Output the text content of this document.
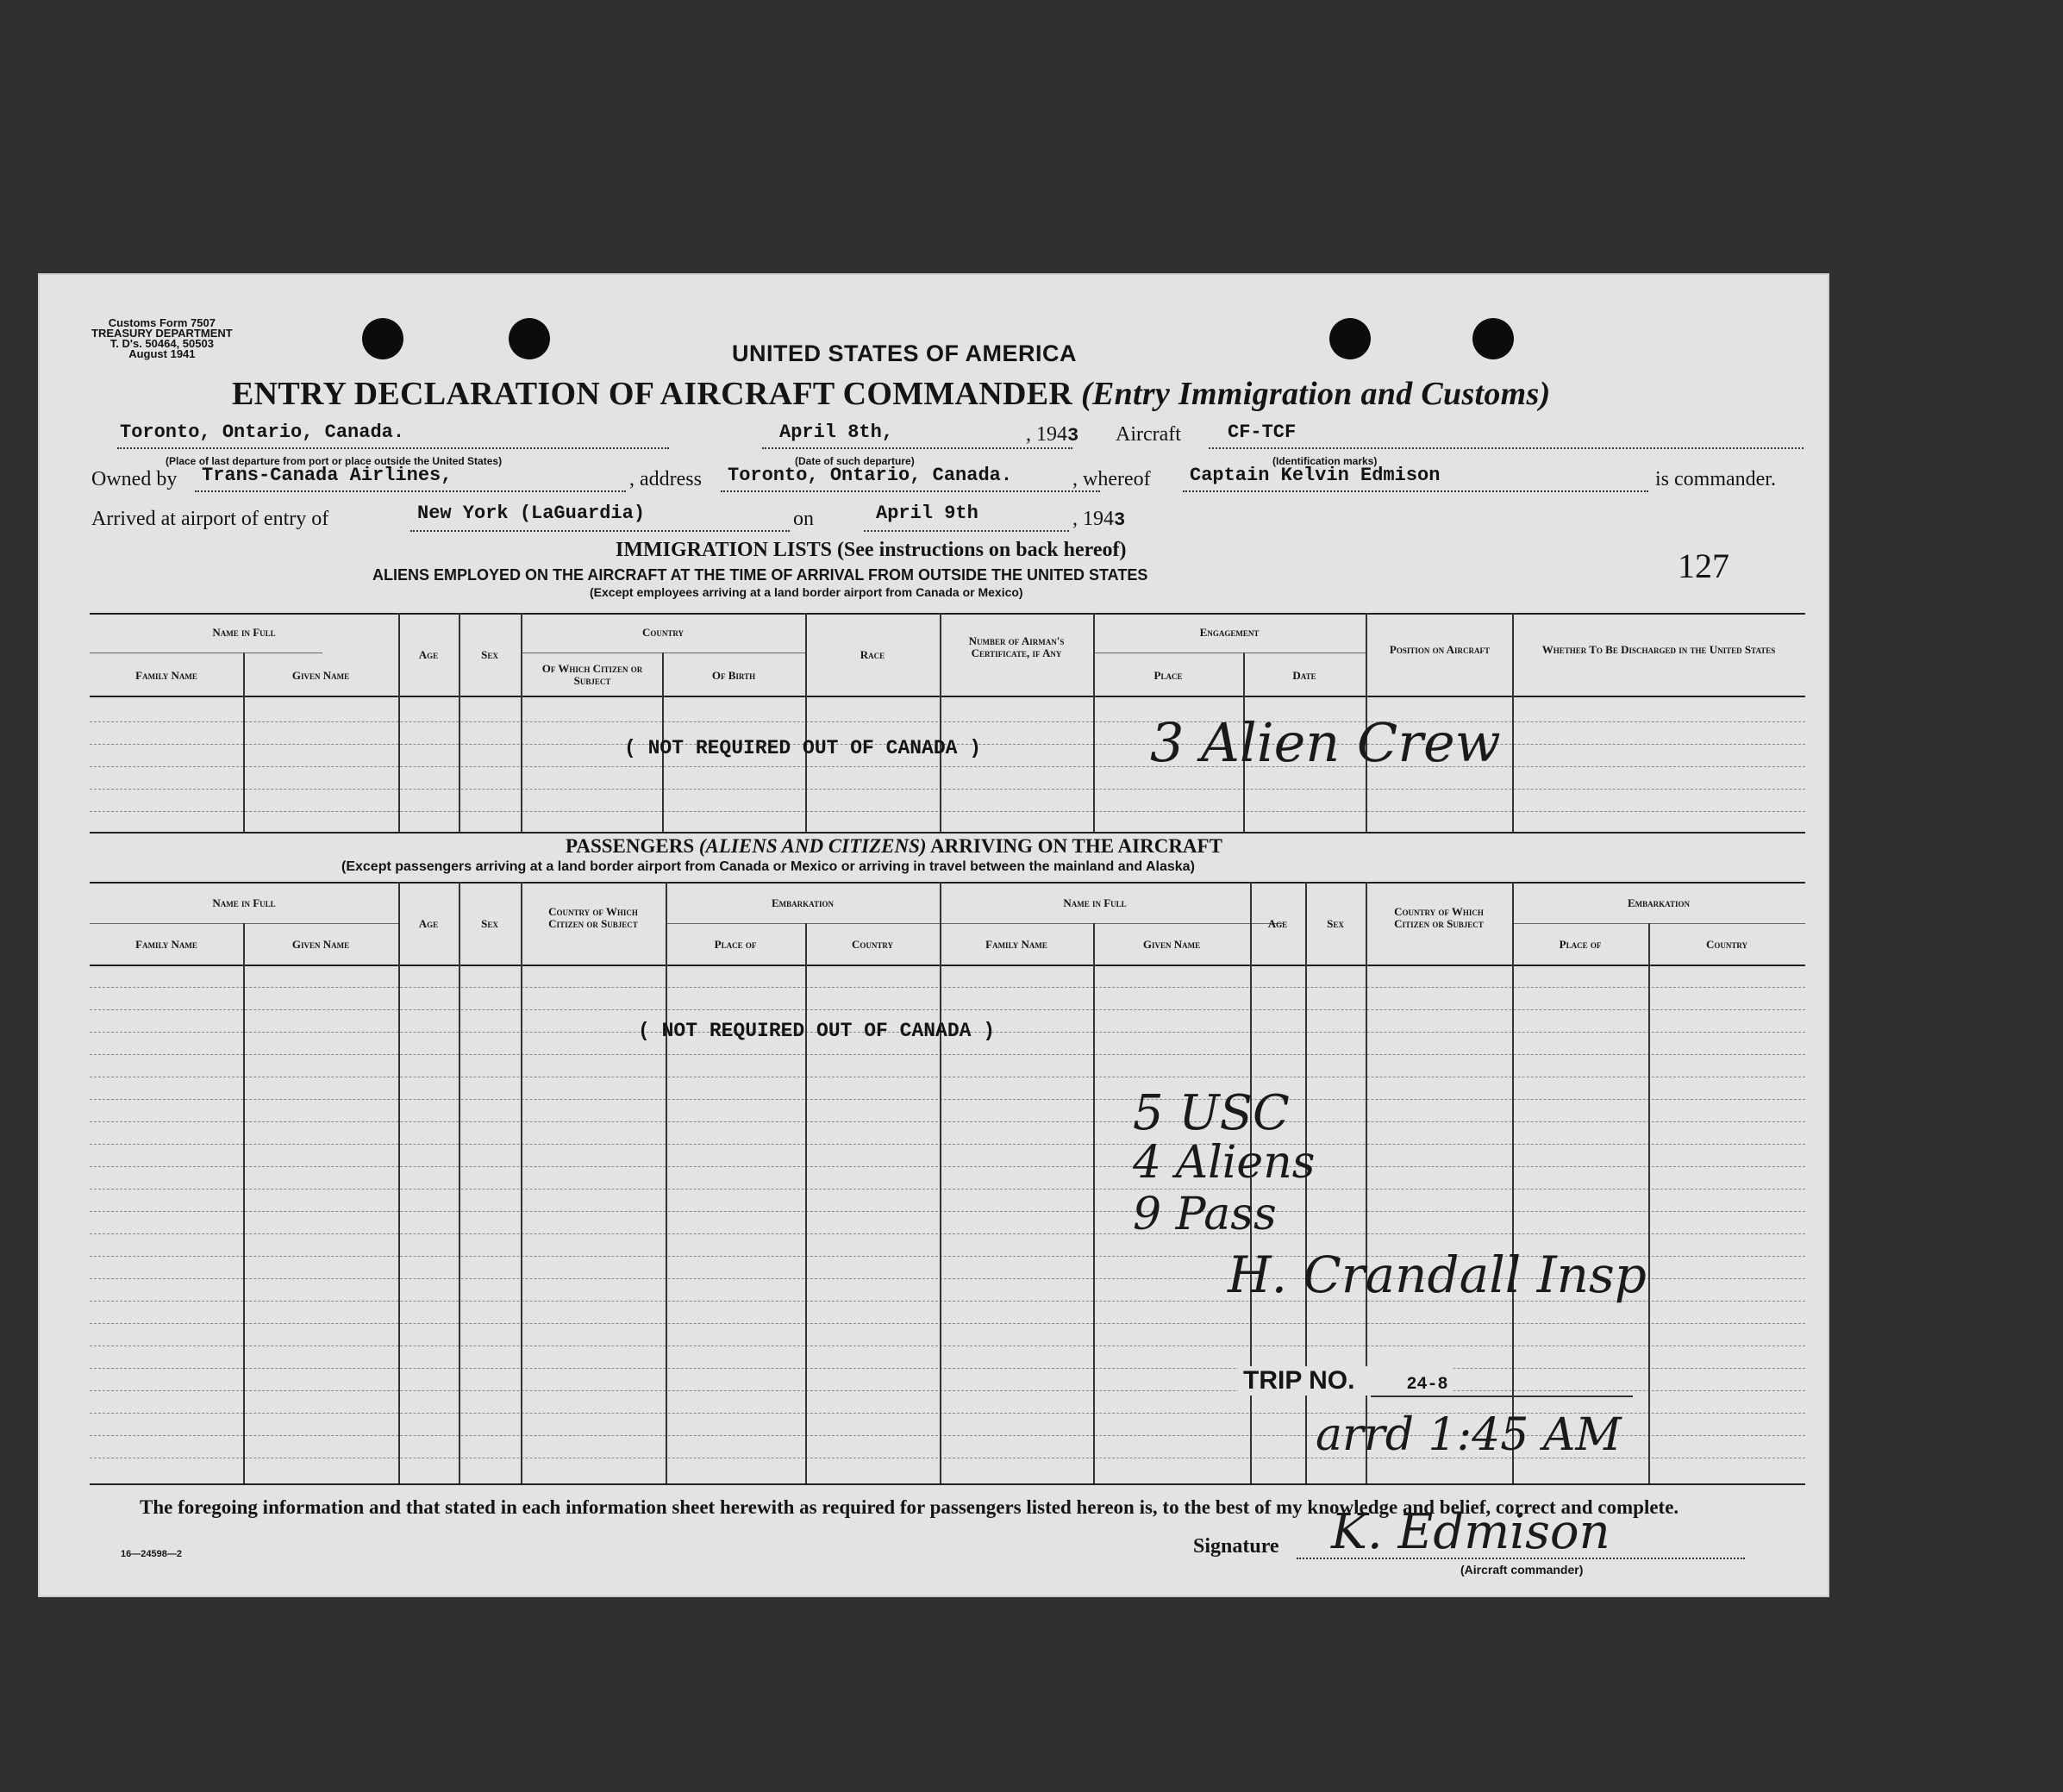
Customs Form 7507
TREASURY DEPARTMENT
T. D's. 50464, 50503
August 1941	UNITED STATES OF AMERICA
ENTRY DECLARATION OF AIRCRAFT COMMANDER (Entry Immigration and Customs)
Toronto, Ontario, Canada.
(Place of last departure from port or place outside the United States)
April 8th,
(Date of such departure)
, 1943 Aircraft CF-TCF
(Identification marks)
Owned by Trans-Canada Airlines,	, address Toronto, Ontario, Canada.	, whereof Captain Kelvin Edmison	is commander.
Arrived at airport of entry of	New York (LaGuardia)	on	April 9th	, 1943
127
IMMIGRATION LISTS (See instructions on back hereof)
ALIENS EMPLOYED ON THE AIRCRAFT AT THE TIME OF ARRIVAL FROM OUTSIDE THE UNITED STATES
(Except employees arriving at a land border airport from Canada or Mexico)
Name in Full
Family Name	Given Name
Age	Sex
Country
Of Which Citizen or Subject	Of Birth
Race
Number of Airman's Certificate, if Any
Engagement
Place	Date
Position on Aircraft	Whether To Be Discharged in the United States
( NOT REQUIRED OUT OF CANADA )	3 Alien Crew
PASSENGERS (ALIENS AND CITIZENS) ARRIVING ON THE AIRCRAFT
(Except passengers arriving at a land border airport from Canada or Mexico or arriving in travel between the mainland and Alaska)
Name in Full
Family Name	Given Name
Age	Sex
Country of Which Citizen or Subject
Embarkation
Place of	Country
Name in Full
Family Name	Given Name
Age	Sex
Country of Which Citizen or Subject
Embarkation
Place of	Country
( NOT REQUIRED OUT OF CANADA )
5 USC
4 Aliens
9 Pass
H. Crandall Insp
TRIP NO.	24-8
arrd 1:45 AM
The foregoing information and that stated in each information sheet herewith as required for passengers listed hereon is, to the best of my knowledge and belief, correct and complete.
16—24598—2	Signature K. Edmison
(Aircraft commander)
